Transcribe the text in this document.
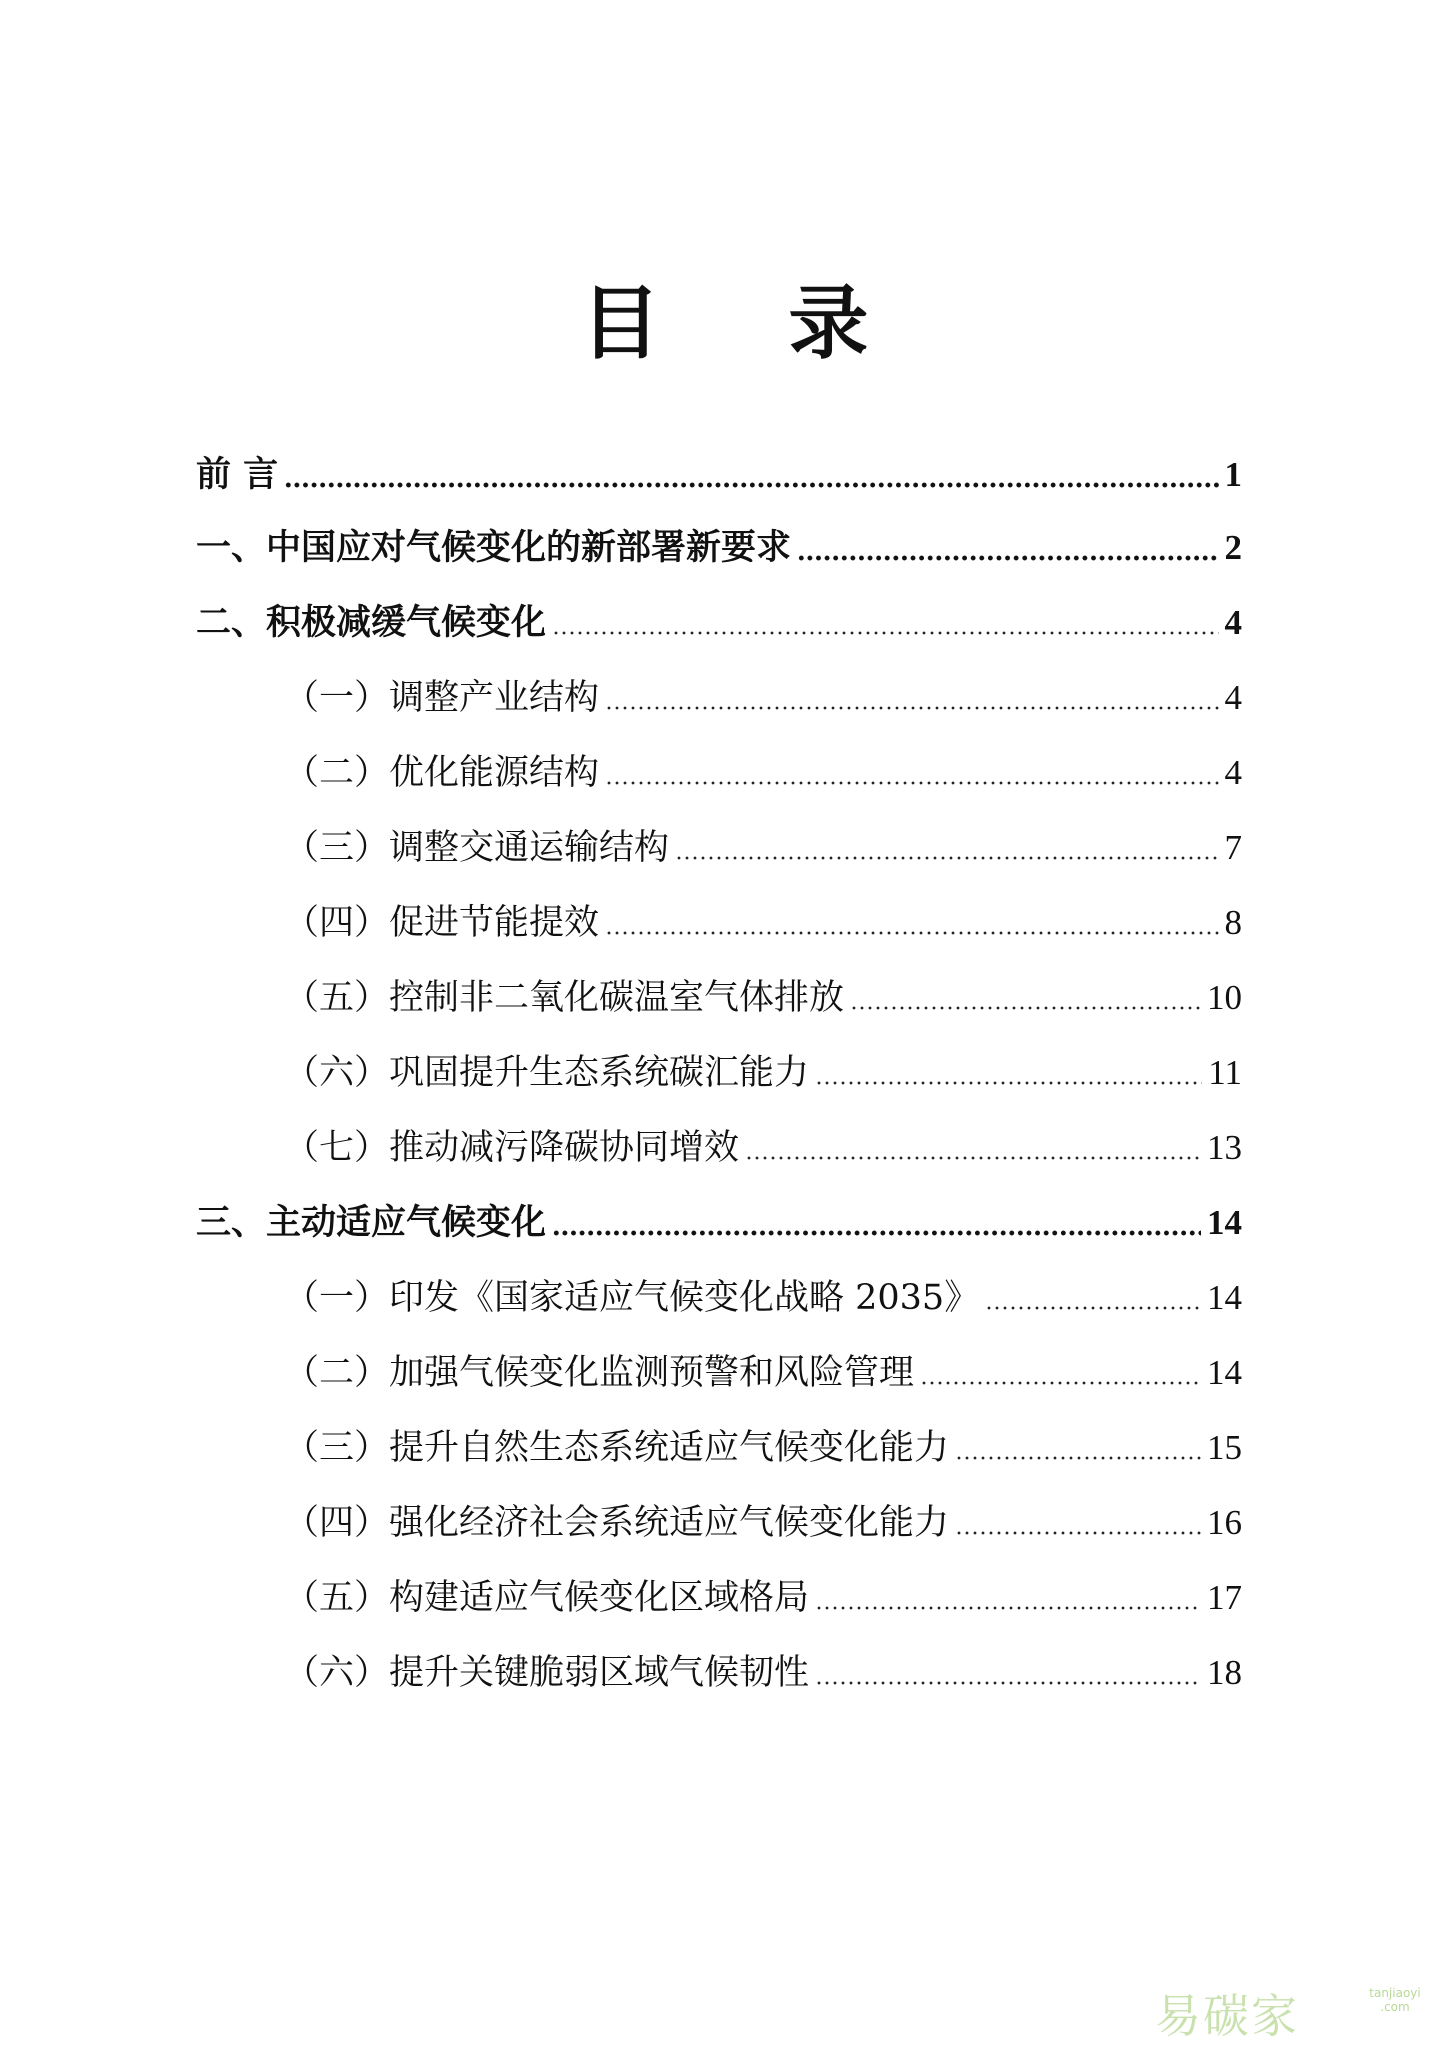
目 录
前 言	1
一、中国应对气候变化的新部署新要求	2
二、积极减缓气候变化	4
（一）调整产业结构	4
（二）优化能源结构	4
（三）调整交通运输结构	7
（四）促进节能提效	8
（五）控制非二氧化碳温室气体排放	10
（六）巩固提升生态系统碳汇能力	11
（七）推动减污降碳协同增效	13
三、主动适应气候变化	14
（一）印发《国家适应气候变化战略 2035》	14
（二）加强气候变化监测预警和风险管理	14
（三）提升自然生态系统适应气候变化能力	15
（四）强化经济社会系统适应气候变化能力	16
（五）构建适应气候变化区域格局	17
（六）提升关键脆弱区域气候韧性	18
易碳家	tanjiaoyi .com
